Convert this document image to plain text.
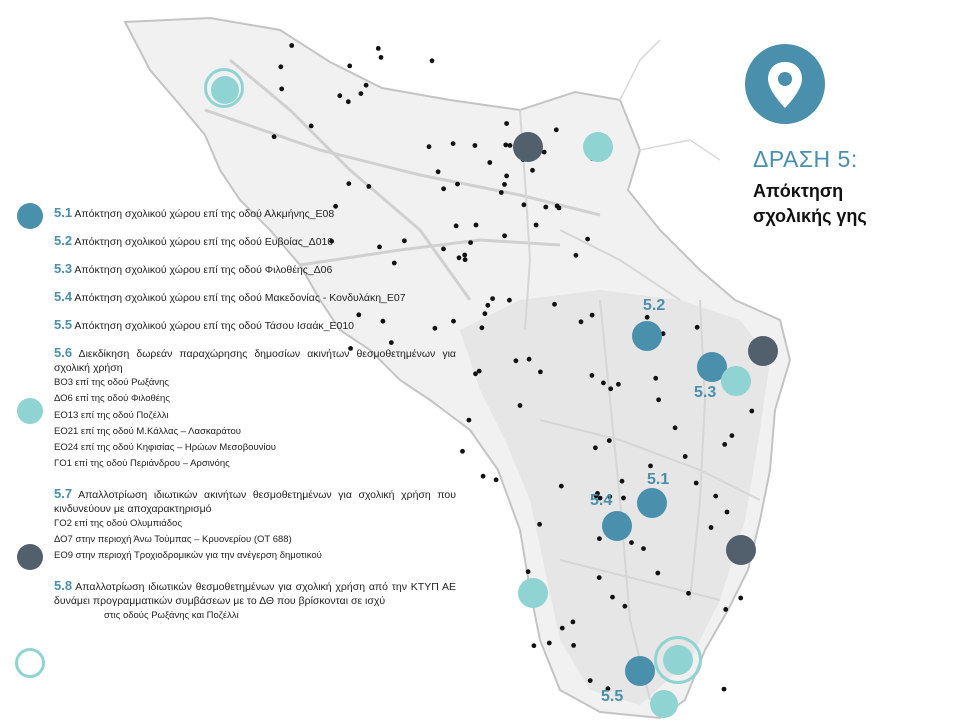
5.2
5.3
5.1
5.4
5.5
ΔΡΑΣΗ 5:
Απόκτηση
σχολικής γης
5.1 Απόκτηση σχολικού χώρου επί της οδού Αλκμήνης_Ε08
5.2 Απόκτηση σχολικού χώρου επί της οδού Ευβοίας_Δ010
5.3 Απόκτηση σχολικού χώρου επί της οδού Φιλοθέης_Δ06
5.4 Απόκτηση σχολικού χώρου επί της οδού Μακεδονίας - Κονδυλάκη_Ε07
5.5 Απόκτηση σχολικού χώρου επί της οδού Τάσου Ισαάκ_Ε010
5.6 Διεκδίκηση δωρεάν παραχώρησης δημοσίων ακινήτων θεσμοθετημένων για σχολική χρήση
ΒΟ3 επί της οδού Ρωξάνης
ΔΟ6 επί της οδού Φιλοθέης
ΕΟ13 επί της οδού Ποζέλλι
ΕΟ21 επί της οδού Μ.Κάλλας – Λασκαράτου
ΕΟ24 επί της οδού Κηφισίας – Ηρώων Μεσοβουνίου
ΓΟ1 επί της οδού Περιάνδρου – Αρσινόης
5.7 Απαλλοτρίωση ιδιωτικών ακινήτων θεσμοθετημένων για σχολική χρήση που κινδυνεύουν με αποχαρακτηρισμό
ΓΟ2 επί της οδού Ολυμπιάδος
ΔΟ7 στην περιοχή Άνω Τούμπας – Κρυονερίου (ΟΤ 688)
ΕΟ9 στην περιοχή Τροχιοδρομικών για την ανέγερση δημοτικού
5.8 Απαλλοτρίωση ιδιωτικών θεσμοθετημένων για σχολική χρήση από την ΚΤΥΠ ΑΕ δυνάμει προγραμματικών συμβάσεων με το ΔΘ που βρίσκονται σε ισχύ
στις οδούς Ρωξάνης και Ποζέλλι
